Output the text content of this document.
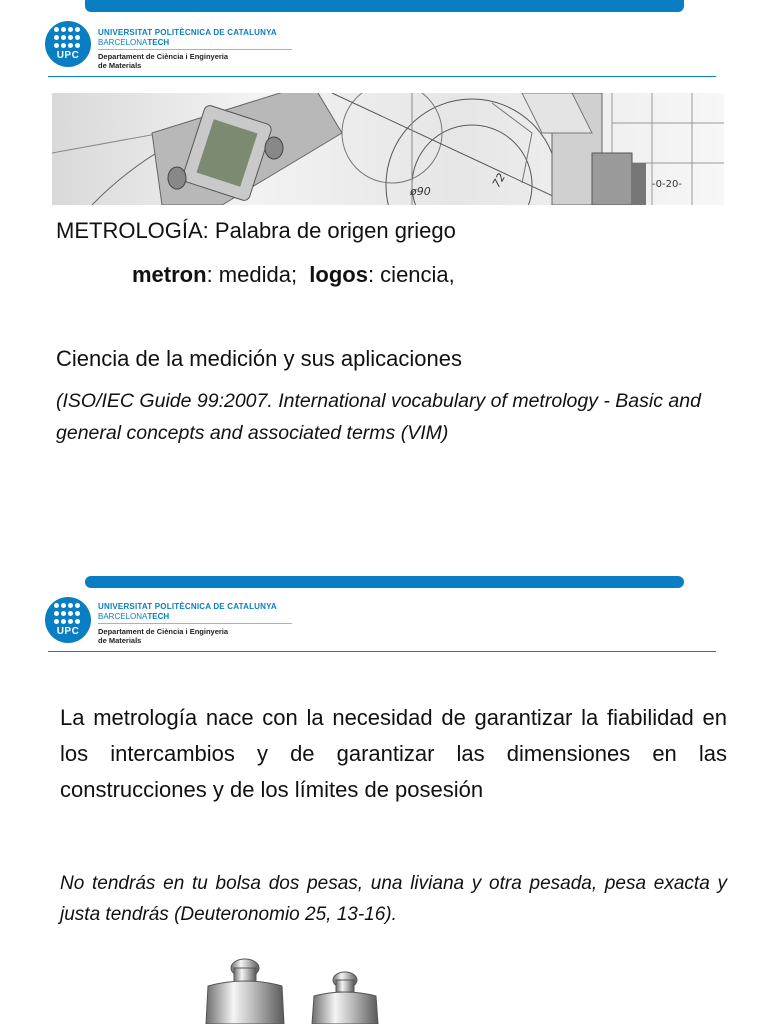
UPC
UNIVERSITAT POLITÈCNICA DE CATALUNYA
BARCELONATECH
Departament de Ciència i Enginyeria
de Materials
ø90
72	-0-20-
METROLOGÍA: Palabra de origen griego
metron: medida;  logos: ciencia,
Ciencia de la medición y sus aplicaciones
(ISO/IEC Guide 99:2007. International vocabulary of metrology - Basic and general concepts and associated terms (VIM)
UPC
UNIVERSITAT POLITÈCNICA DE CATALUNYA
BARCELONATECH
Departament de Ciència i Enginyeria
de Materials
La metrología nace con la necesidad de garantizar la fiabilidad en los intercambios y de garantizar las dimensiones en las construcciones y de los límites de posesión
No tendrás en tu bolsa dos pesas, una liviana y otra pesada, pesa exacta y justa tendrás (Deuteronomio 25, 13-16).
